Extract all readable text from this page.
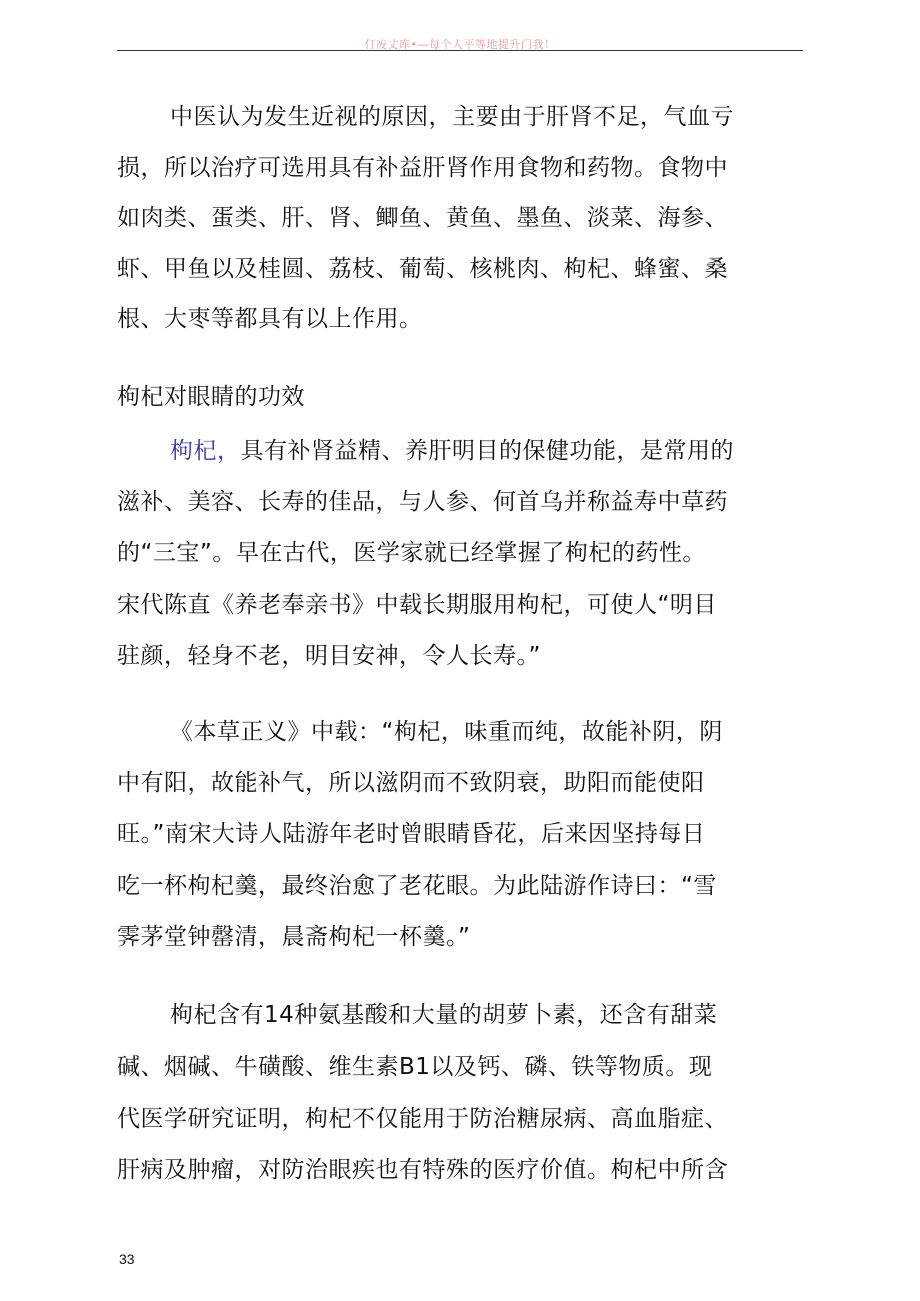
仃废丈库•—每个人平等地提升门我！
中医认为发生近视的原因，主要由于肝肾不足，气血亏
损，所以治疗可选用具有补益肝肾作用食物和药物。食物中
如肉类、蛋类、肝、肾、鲫鱼、黄鱼、墨鱼、淡菜、海参、
虾、甲鱼以及桂圆、荔枝、葡萄、核桃肉、枸杞、蜂蜜、桑
根、大枣等都具有以上作用。
枸杞对眼睛的功效
枸杞，具有补肾益精、养肝明目的保健功能，是常用的
滋补、美容、长寿的佳品，与人参、何首乌并称益寿中草药
的“三宝”。早在古代，医学家就已经掌握了枸杞的药性。
宋代陈直《养老奉亲书》中载长期服用枸杞，可使人“明目
驻颜，轻身不老，明目安神，令人长寿。”
《本草正义》中载：“枸杞，味重而纯，故能补阴，阴
中有阳，故能补气，所以滋阴而不致阴衰，助阳而能使阳
旺。”南宋大诗人陆游年老时曾眼睛昏花，后来因坚持每日
吃一杯枸杞羹，最终治愈了老花眼。为此陆游作诗曰：“雪
霁茅堂钟罄清，晨斋枸杞一杯羹。”
枸杞含有14种氨基酸和大量的胡萝卜素，还含有甜菜
碱、烟碱、牛磺酸、维生素B1以及钙、磷、铁等物质。现
代医学研究证明，枸杞不仅能用于防治糖尿病、高血脂症、
肝病及肿瘤，对防治眼疾也有特殊的医疗价值。枸杞中所含
33
